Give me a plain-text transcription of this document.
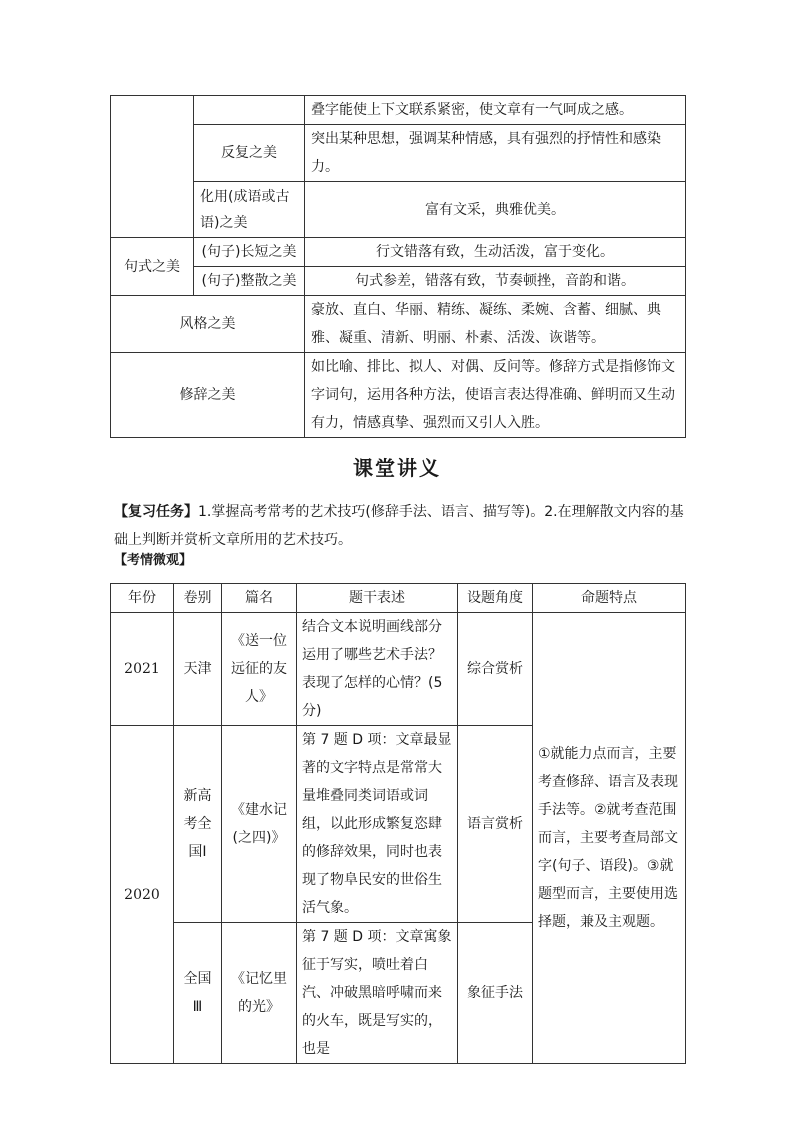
		叠字能使上下文联系紧密，使文章有一气呵成之感。
	反复之美	突出某种思想，强调某种情感，具有强烈的抒情性和感染力。
	化用(成语或古语)之美	富有文采，典雅优美。
句式之美	(句子)长短之美	行文错落有致，生动活泼，富于变化。
	(句子)整散之美	句式参差，错落有致，节奏顿挫，音韵和谐。
风格之美		豪放、直白、华丽、精练、凝练、柔婉、含蓄、细腻、典雅、凝重、清新、明丽、朴素、活泼、诙谐等。
修辞之美		如比喻、排比、拟人、对偶、反问等。修辞方式是指修饰文字词句，运用各种方法，使语言表达得准确、鲜明而又生动有力，情感真挚、强烈而又引人入胜。
课堂讲义
【复习任务】1.掌握高考常考的艺术技巧(修辞手法、语言、描写等)。2.在理解散文内容的基础上判断并赏析文章所用的艺术技巧。
【考情微观】
年份	卷别	篇名	题干表述	设题角度	命题特点
2021	天津	《送一位远征的友人》	结合文本说明画线部分运用了哪些艺术手法？表现了怎样的心情？(5分)	综合赏析	①就能力点而言，主要考查修辞、语言及表现手法等。②就考查范围而言，主要考查局部文字(句子、语段)。③就题型而言，主要使用选择题，兼及主观题。
2020	新高考全国Ⅰ	《建水记(之四)》	第 7 题 D 项：文章最显著的文字特点是常常大量堆叠同类词语或词组，以此形成繁复恣肆的修辞效果，同时也表现了物阜民安的世俗生活气象。	语言赏析	
	全国Ⅲ	《记忆里的光》	第 7 题 D 项：文章寓象征于写实，喷吐着白汽、冲破黑暗呼啸而来的火车，既是写实的，也是	象征手法	
